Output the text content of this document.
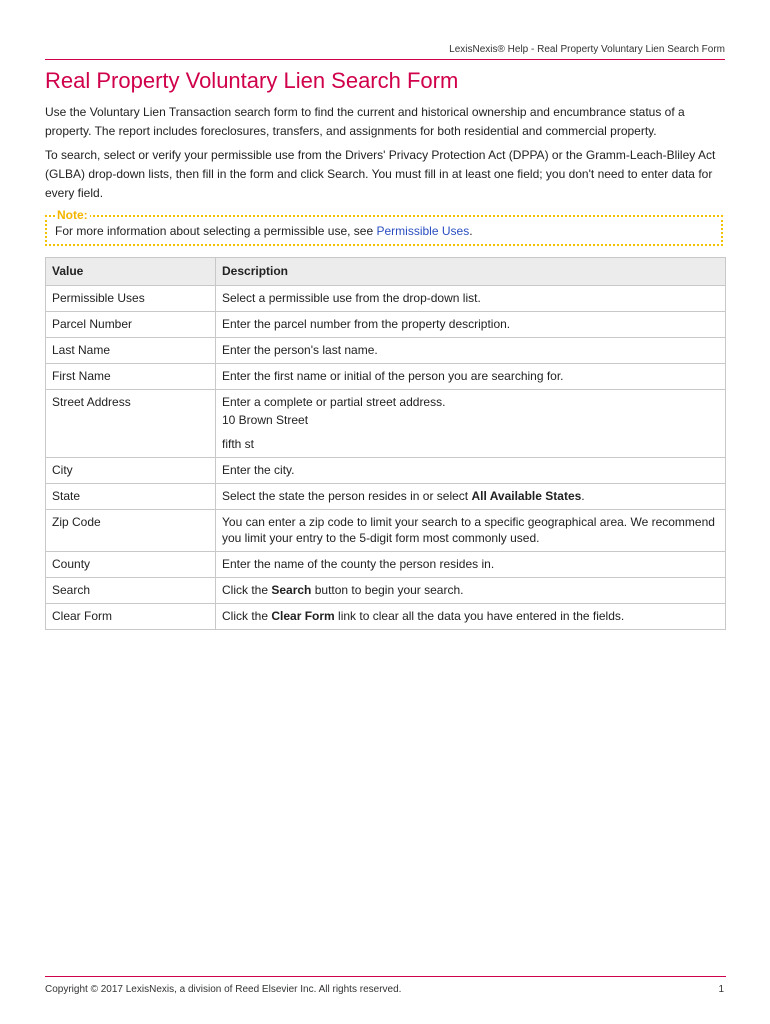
LexisNexis® Help - Real Property Voluntary Lien Search Form
Real Property Voluntary Lien Search Form

Use the Voluntary Lien Transaction search form to find the current and historical ownership and encumbrance status of a property. The report includes foreclosures, transfers, and assignments for both residential and commercial property.

To search, select or verify your permissible use from the Drivers' Privacy Protection Act (DPPA) or the Gramm-Leach-Bliley Act (GLBA) drop-down lists, then fill in the form and click Search. You must fill in at least one field; you don't need to enter data for every field.

Note:
For more information about selecting a permissible use, see Permissible Uses.
Value	Description
Permissible Uses	Select a permissible use from the drop-down list.
Parcel Number	Enter the parcel number from the property description.
Last Name	Enter the person's last name.
First Name	Enter the first name or initial of the person you are searching for.
Street Address	Enter a complete or partial street address.
10 Brown Street
fifth st

City	Enter the city.
State	Select the state the person resides in or select All Available States.
Zip Code	You can enter a zip code to limit your search to a specific geographical area. We recommend you limit your entry to the 5-digit form most commonly used.
County	Enter the name of the county the person resides in.
Search	Click the Search button to begin your search.
Clear Form	Click the Clear Form link to clear all the data you have entered in the fields.
Copyright © 2017 LexisNexis, a division of Reed Elsevier Inc. All rights reserved.	1
